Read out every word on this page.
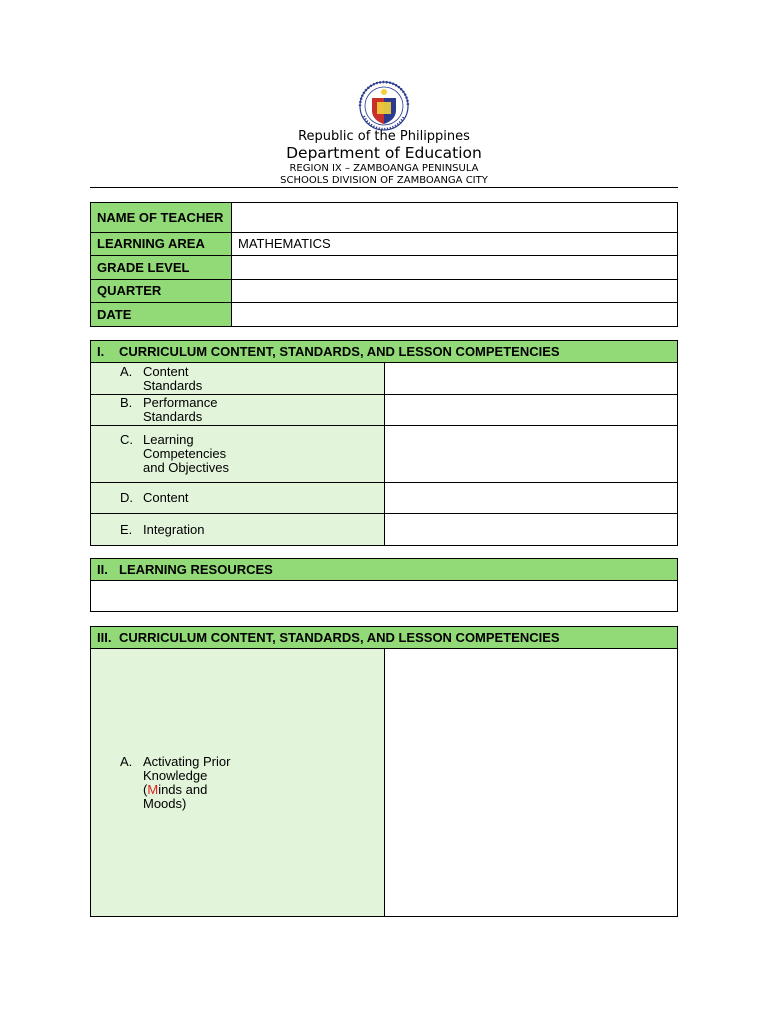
Republic of the Philippines
Department of Education
REGION IX – ZAMBOANGA PENINSULA
SCHOOLS DIVISION OF ZAMBOANGA CITY
NAME OF TEACHER	
LEARNING AREA	MATHEMATICS
GRADE LEVEL	
QUARTER	
DATE	
I. CURRICULUM CONTENT, STANDARDS, AND LESSON COMPETENCIES	
A. Content Standards	
B. Performance Standards	
C. Learning Competencies and Objectives	
D. Content	
E. Integration	
II. LEARNING RESOURCES

III. CURRICULUM CONTENT, STANDARDS, AND LESSON COMPETENCIES
A. Activating Prior Knowledge (Minds and Moods)	
